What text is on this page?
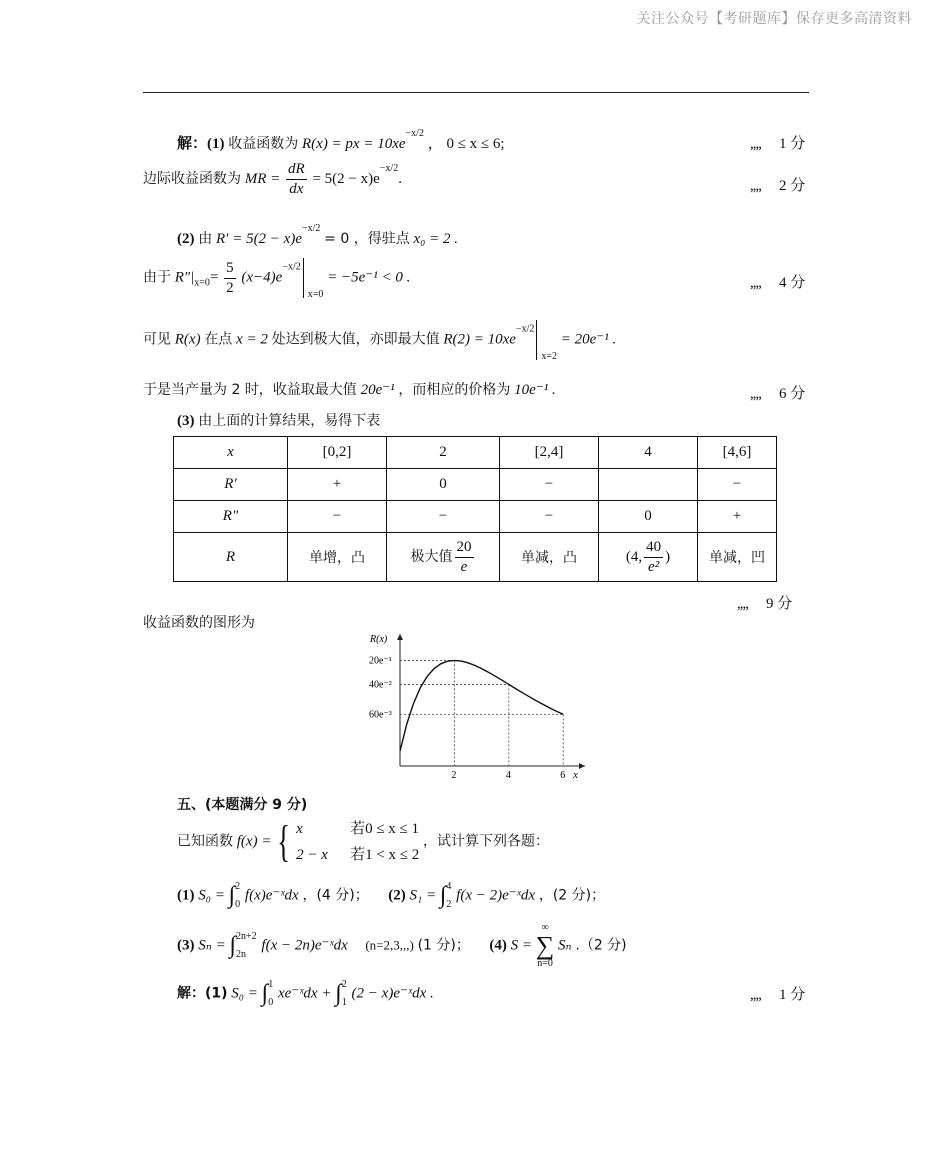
关注公众号【考研题库】保存更多高清资料
解：(1) 收益函数为 R(x) = px = $10xe^{-x/2}$ ， 0 ≤ x ≤ 6;	,,,, 1 分
边际收益函数为 MR = $\frac{dR}{dx} = 5(2 - x)e^{-x/2}$.	,,,, 2 分
(2) 由 $R' = 5(2 - x)e^{-x/2} = 0$ ，得驻点 x₀ = 2 .
由于 $R''|_{x=0}= \frac{5}{2} (x-4)e^{-x/2}_{x=0} = -5e^{-1} < 0$ .	,,,, 4 分
可见 R(x) 在点 x = 2 处达到极大值，亦即最大值 $R(2) = 10xe^{-x/2}_{x=2} = 20e^{-1}$ .
于是当产量为 2 时，收益取最大值 20e⁻¹ ，而相应的价格为 10e⁻¹ .	,,,, 6 分
(3) 由上面的计算结果，易得下表
x	[0,2]	2	[2,4]	4	[4,6]
R′	+	0	−		−
R″	−	−	−	0	+
R	单增，凸	极大值 $\frac{20}{e}$	单减，凸	(4, $\frac{40}{\text{e²}}$ )	单减，凹
,,,, 9 分
收益函数的图形为
R(x)
x
20e⁻¹
40e⁻²
60e⁻³
2	4	6
五、(本题满分 9 分)
已知函数 f(x) = { x	若0 ≤ x ≤ 1
2 − x 若1 < x ≤ 2
，试计算下列各题：
(1) S₀ = ∫ 2
0
f(x)e⁻ˣdx ，(4 分)； (2) S₁ = ∫ 4
2
f(x − 2)e⁻ˣdx ，(2 分)；
(3) Sₙ = ∫ 2n+2
2n
f(x − 2n)e⁻ˣdx (n=2,3,,,) (1 分)； (4) S =
∞
∑
n=0
Sₙ .（2 分)
解：(1) S₀ = ∫ 1
0
xe⁻ˣdx + ∫ 2
1
(2 − x)e⁻ˣdx .	,,,, 1 分
